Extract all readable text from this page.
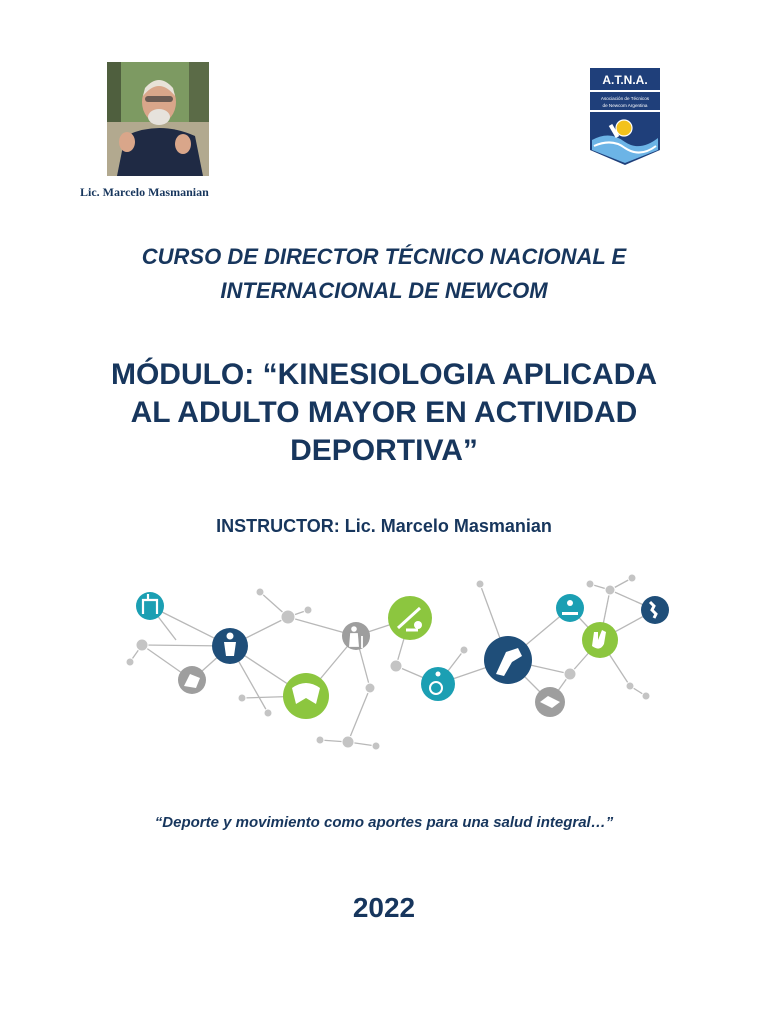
Lic. Marcelo Masmanian
A.T.N.A.
Asociación de Técnicos
de Newcom Argentina
CURSO DE DIRECTOR TÉCNICO NACIONAL E
INTERNACIONAL DE NEWCOM
MÓDULO: “KINESIOLOGIA APLICADA
AL ADULTO MAYOR EN ACTIVIDAD
DEPORTIVA”
INSTRUCTOR: Lic. Marcelo Masmanian
“Deporte y movimiento como aportes para una salud integral…”
2022
